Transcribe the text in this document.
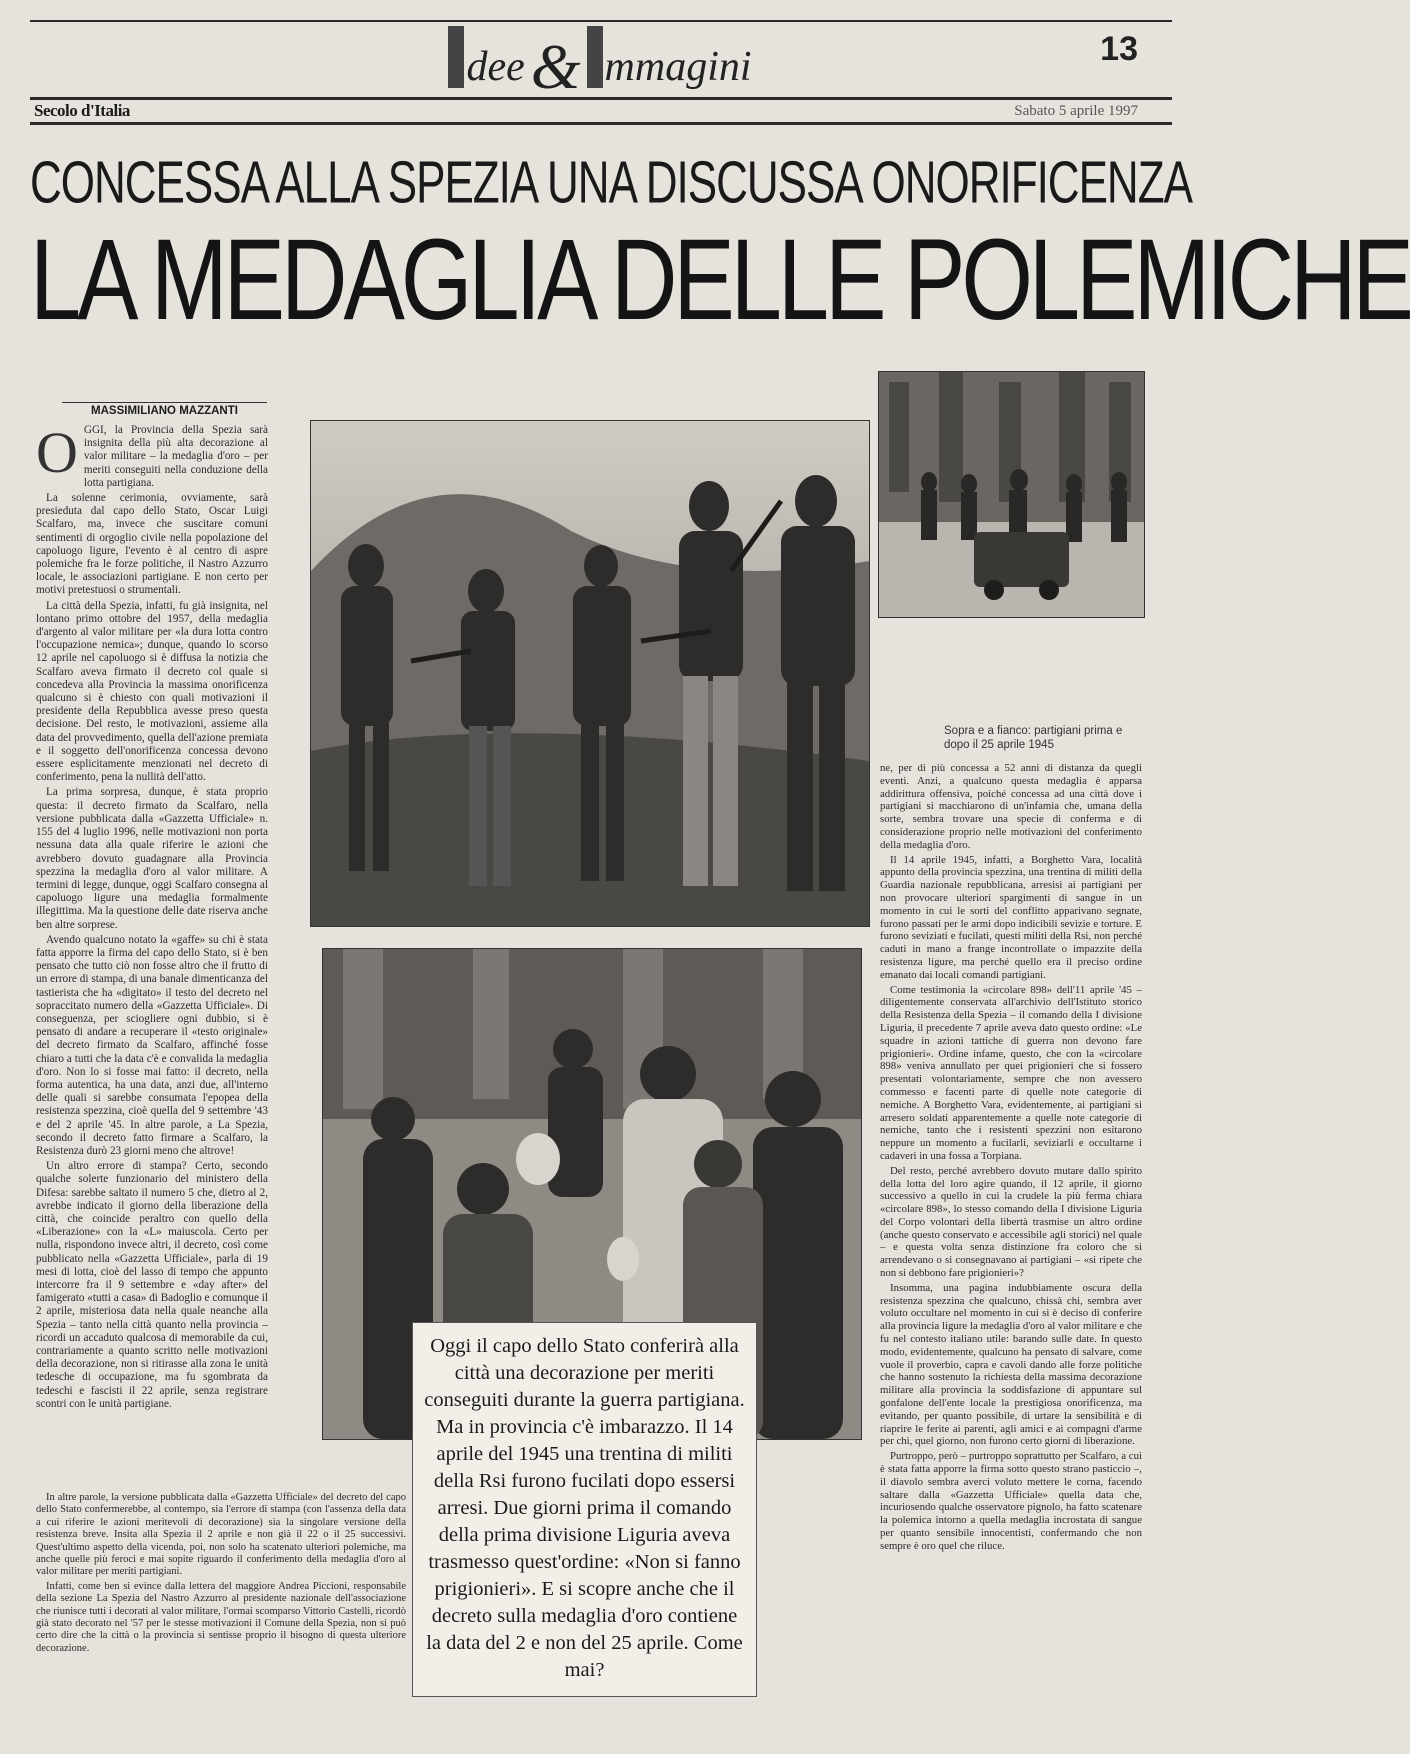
dee& mmagini	13
Secolo d'Italia	Sabato 5 aprile 1997
CONCESSA ALLA SPEZIA UNA DISCUSSA ONORIFICENZA
LA MEDAGLIA DELLE POLEMICHE
MASSIMILIANO MAZZANTI
O GGI, la Provincia della Spezia sarà insignita della più alta decorazione al valor militare – la medaglia d'oro – per meriti conseguiti nella conduzione della lotta partigiana.

La solenne cerimonia, ovviamente, sarà presieduta dal capo dello Stato, Oscar Luigi Scalfaro, ma, invece che suscitare comuni sentimenti di orgoglio civile nella popolazione del capoluogo ligure, l'evento è al centro di aspre polemiche fra le forze politiche, il Nastro Azzurro locale, le associazioni partigiane. E non certo per motivi pretestuosi o strumentali.

La città della Spezia, infatti, fu già insignita, nel lontano primo ottobre del 1957, della medaglia d'argento al valor militare per «la dura lotta contro l'occupazione nemica»; dunque, quando lo scorso 12 aprile nel capoluogo si è diffusa la notizia che Scalfaro aveva firmato il decreto col quale si concedeva alla Provincia la massima onorificenza qualcuno si è chiesto con quali motivazioni il presidente della Repubblica avesse preso questa decisione. Del resto, le motivazioni, assieme alla data del provvedimento, quella dell'azione premiata e il soggetto dell'onorificenza concessa devono essere esplicitamente menzionati nel decreto di conferimento, pena la nullità dell'atto.

La prima sorpresa, dunque, è stata proprio questa: il decreto firmato da Scalfaro, nella versione pubblicata dalla «Gazzetta Ufficiale» n. 155 del 4 luglio 1996, nelle motivazioni non porta nessuna data alla quale riferire le azioni che avrebbero dovuto guadagnare alla Provincia spezzina la medaglia d'oro al valor militare. A termini di legge, dunque, oggi Scalfaro consegna al capoluogo ligure una medaglia formalmente illegittima. Ma la questione delle date riserva anche ben altre sorprese.

Avendo qualcuno notato la «gaffe» su chi è stata fatta apporre la firma del capo dello Stato, si è ben pensato che tutto ciò non fosse altro che il frutto di un errore di stampa, di una banale dimenticanza del tastierista che ha «digitato» il testo del decreto nel sopraccitato numero della «Gazzetta Ufficiale». Di conseguenza, per sciogliere ogni dubbio, si è pensato di andare a recuperare il «testo originale» del decreto firmato da Scalfaro, affinché fosse chiaro a tutti che la data c'è e convalida la medaglia d'oro. Non lo si fosse mai fatto: il decreto, nella forma autentica, ha una data, anzi due, all'interno delle quali si sarebbe consumata l'epopea della resistenza spezzina, cioè quella del 9 settembre '43 e del 2 aprile '45. In altre parole, a La Spezia, secondo il decreto fatto firmare a Scalfaro, la Resistenza durò 23 giorni meno che altrove!

Un altro errore di stampa? Certo, secondo qualche solerte funzionario del ministero della Difesa: sarebbe saltato il numero 5 che, dietro al 2, avrebbe indicato il giorno della liberazione della città, che coincide peraltro con quello della «Liberazione» con la «L» maiuscola. Certo per nulla, rispondono invece altri, il decreto, così come pubblicato nella «Gazzetta Ufficiale», parla di 19 mesi di lotta, cioè del lasso di tempo che appunto intercorre fra il 9 settembre e «day after» del famigerato «tutti a casa» di Badoglio e comunque il 2 aprile, misteriosa data nella quale neanche alla Spezia – tanto nella città quanto nella provincia – ricordi un accaduto qualcosa di memorabile da cui, contrariamente a quanto scritto nelle motivazioni della decorazione, non si ritirasse alla zona le unità tedesche di occupazione, ma fu sgombrata da tedeschi e fascisti il 22 aprile, senza registrare scontri con le unità partigiane.

In altre parole, la versione pubblicata dalla «Gazzetta Ufficiale» del decreto del capo dello Stato confermerebbe, al contempo, sia l'errore di stampa (con l'assenza della data a cui riferire le azioni meritevoli di decorazione) sia la singolare versione della resistenza breve. Insita alla Spezia il 2 aprile e non già il 22 o il 25 successivi. Quest'ultimo aspetto della vicenda, poi, non solo ha scatenato ulteriori polemiche, ma anche quelle più feroci e mai sopite riguardo il conferimento della medaglia d'oro al valor militare per meriti partigiani.

Infatti, come ben si evince dalla lettera del maggiore Andrea Piccioni, responsabile della sezione La Spezia del Nastro Azzurro al presidente nazionale dell'associazione che riunisce tutti i decorati al valor militare, l'ormai scomparso Vittorio Castelli, ricordò già stato decorato nel '57 per le stesse motivazioni il Comune della Spezia, non si può certo dire che la città o la provincia si sentisse proprio il bisogno di questa ulteriore decorazione.

Sopra e a fianco: partigiani prima e dopo il 25 aprile 1945

ne, per di più concessa a 52 anni di distanza da quegli eventi. Anzi, a qualcuno questa medaglia è apparsa addirittura offensiva, poiché concessa ad una città dove i partigiani si macchiarono di un'infamia che, umana della sorte, sembra trovare una specie di conferma e di considerazione proprio nelle motivazioni del conferimento della medaglia d'oro.

Il 14 aprile 1945, infatti, a Borghetto Vara, località appunto della provincia spezzina, una trentina di militi della Guardia nazionale repubblicana, arresisi ai partigiani per non provocare ulteriori spargimenti di sangue in un momento in cui le sorti del conflitto apparivano segnate, furono passati per le armi dopo indicibili sevizie e torture. E furono seviziati e fucilati, questi militi della Rsi, non perché caduti in mano a frange incontrollate o impazzite della resistenza ligure, ma perché quello era il preciso ordine emanato dai locali comandi partigiani.

Come testimonia la «circolare 898» dell'11 aprile '45 – diligentemente conservata all'archivio dell'Istituto storico della Resistenza della Spezia – il comando della I divisione Liguria, il precedente 7 aprile aveva dato questo ordine: «Le squadre in azioni tattiche di guerra non devono fare prigionieri». Ordine infame, questo, che con la «circolare 898» veniva annullato per quei prigionieri che si fossero presentati volontariamente, sempre che non avessero commesso e facenti parte di quelle note categorie di nemiche. A Borghetto Vara, evidentemente, ai partigiani si arresero soldati apparentemente a quelle note categorie di nemiche, tanto che i resistenti spezzini non esitarono neppure un momento a fucilarli, seviziarli e occultarne i cadaveri in una fossa a Torpiana.

Del resto, perché avrebbero dovuto mutare dallo spirito della lotta del loro agire quando, il 12 aprile, il giorno successivo a quello in cui la crudele la più ferma chiara «circolare 898», lo stesso comando della I divisione Liguria del Corpo volontari della libertà trasmise un altro ordine (anche questo conservato e accessibile agli storici) nel quale – e questa volta senza distinzione fra coloro che si arrendevano o si consegnavano ai partigiani – «si ripete che non si debbono fare prigionieri»?

Insomma, una pagina indubbiamente oscura della resistenza spezzina che qualcuno, chissà chi, sembra aver voluto occultare nel momento in cui si è deciso di conferire alla provincia ligure la medaglia d'oro al valor militare e che fu nel contesto italiano utile: barando sulle date. In questo modo, evidentemente, qualcuno ha pensato di salvare, come vuole il proverbio, capra e cavoli dando alle forze politiche che hanno sostenuto la richiesta della massima decorazione militare alla provincia la soddisfazione di appuntare sul gonfalone dell'ente locale la prestigiosa onorificenza, ma evitando, per quanto possibile, di urtare la sensibilità e di riaprire le ferite ai parenti, agli amici e ai compagni d'arme per chi, quel giorno, non furono certo giorni di liberazione.

Purtroppo, però – purtroppo soprattutto per Scalfaro, a cui è stata fatta apporre la firma sotto questo strano pasticcio –, il diavolo sembra averci voluto mettere le corna, facendo saltare dalla «Gazzetta Ufficiale» quella data che, incuriosendo qualche osservatore pignolo, ha fatto scatenare la polemica intorno a quella medaglia incrostata di sangue per quanto sensibile innocentisti, confermando che non sempre è oro quel che riluce.

Oggi il capo dello Stato conferirà alla città una decorazione per meriti conseguiti durante la guerra partigiana. Ma in provincia c'è imbarazzo. Il 14 aprile del 1945 una trentina di militi della Rsi furono fucilati dopo essersi arresi. Due giorni prima il comando della prima divisione Liguria aveva trasmesso quest'ordine: «Non si fanno prigionieri». E si scopre anche che il decreto sulla medaglia d'oro contiene la data del 2 e non del 25 aprile. Come mai?
